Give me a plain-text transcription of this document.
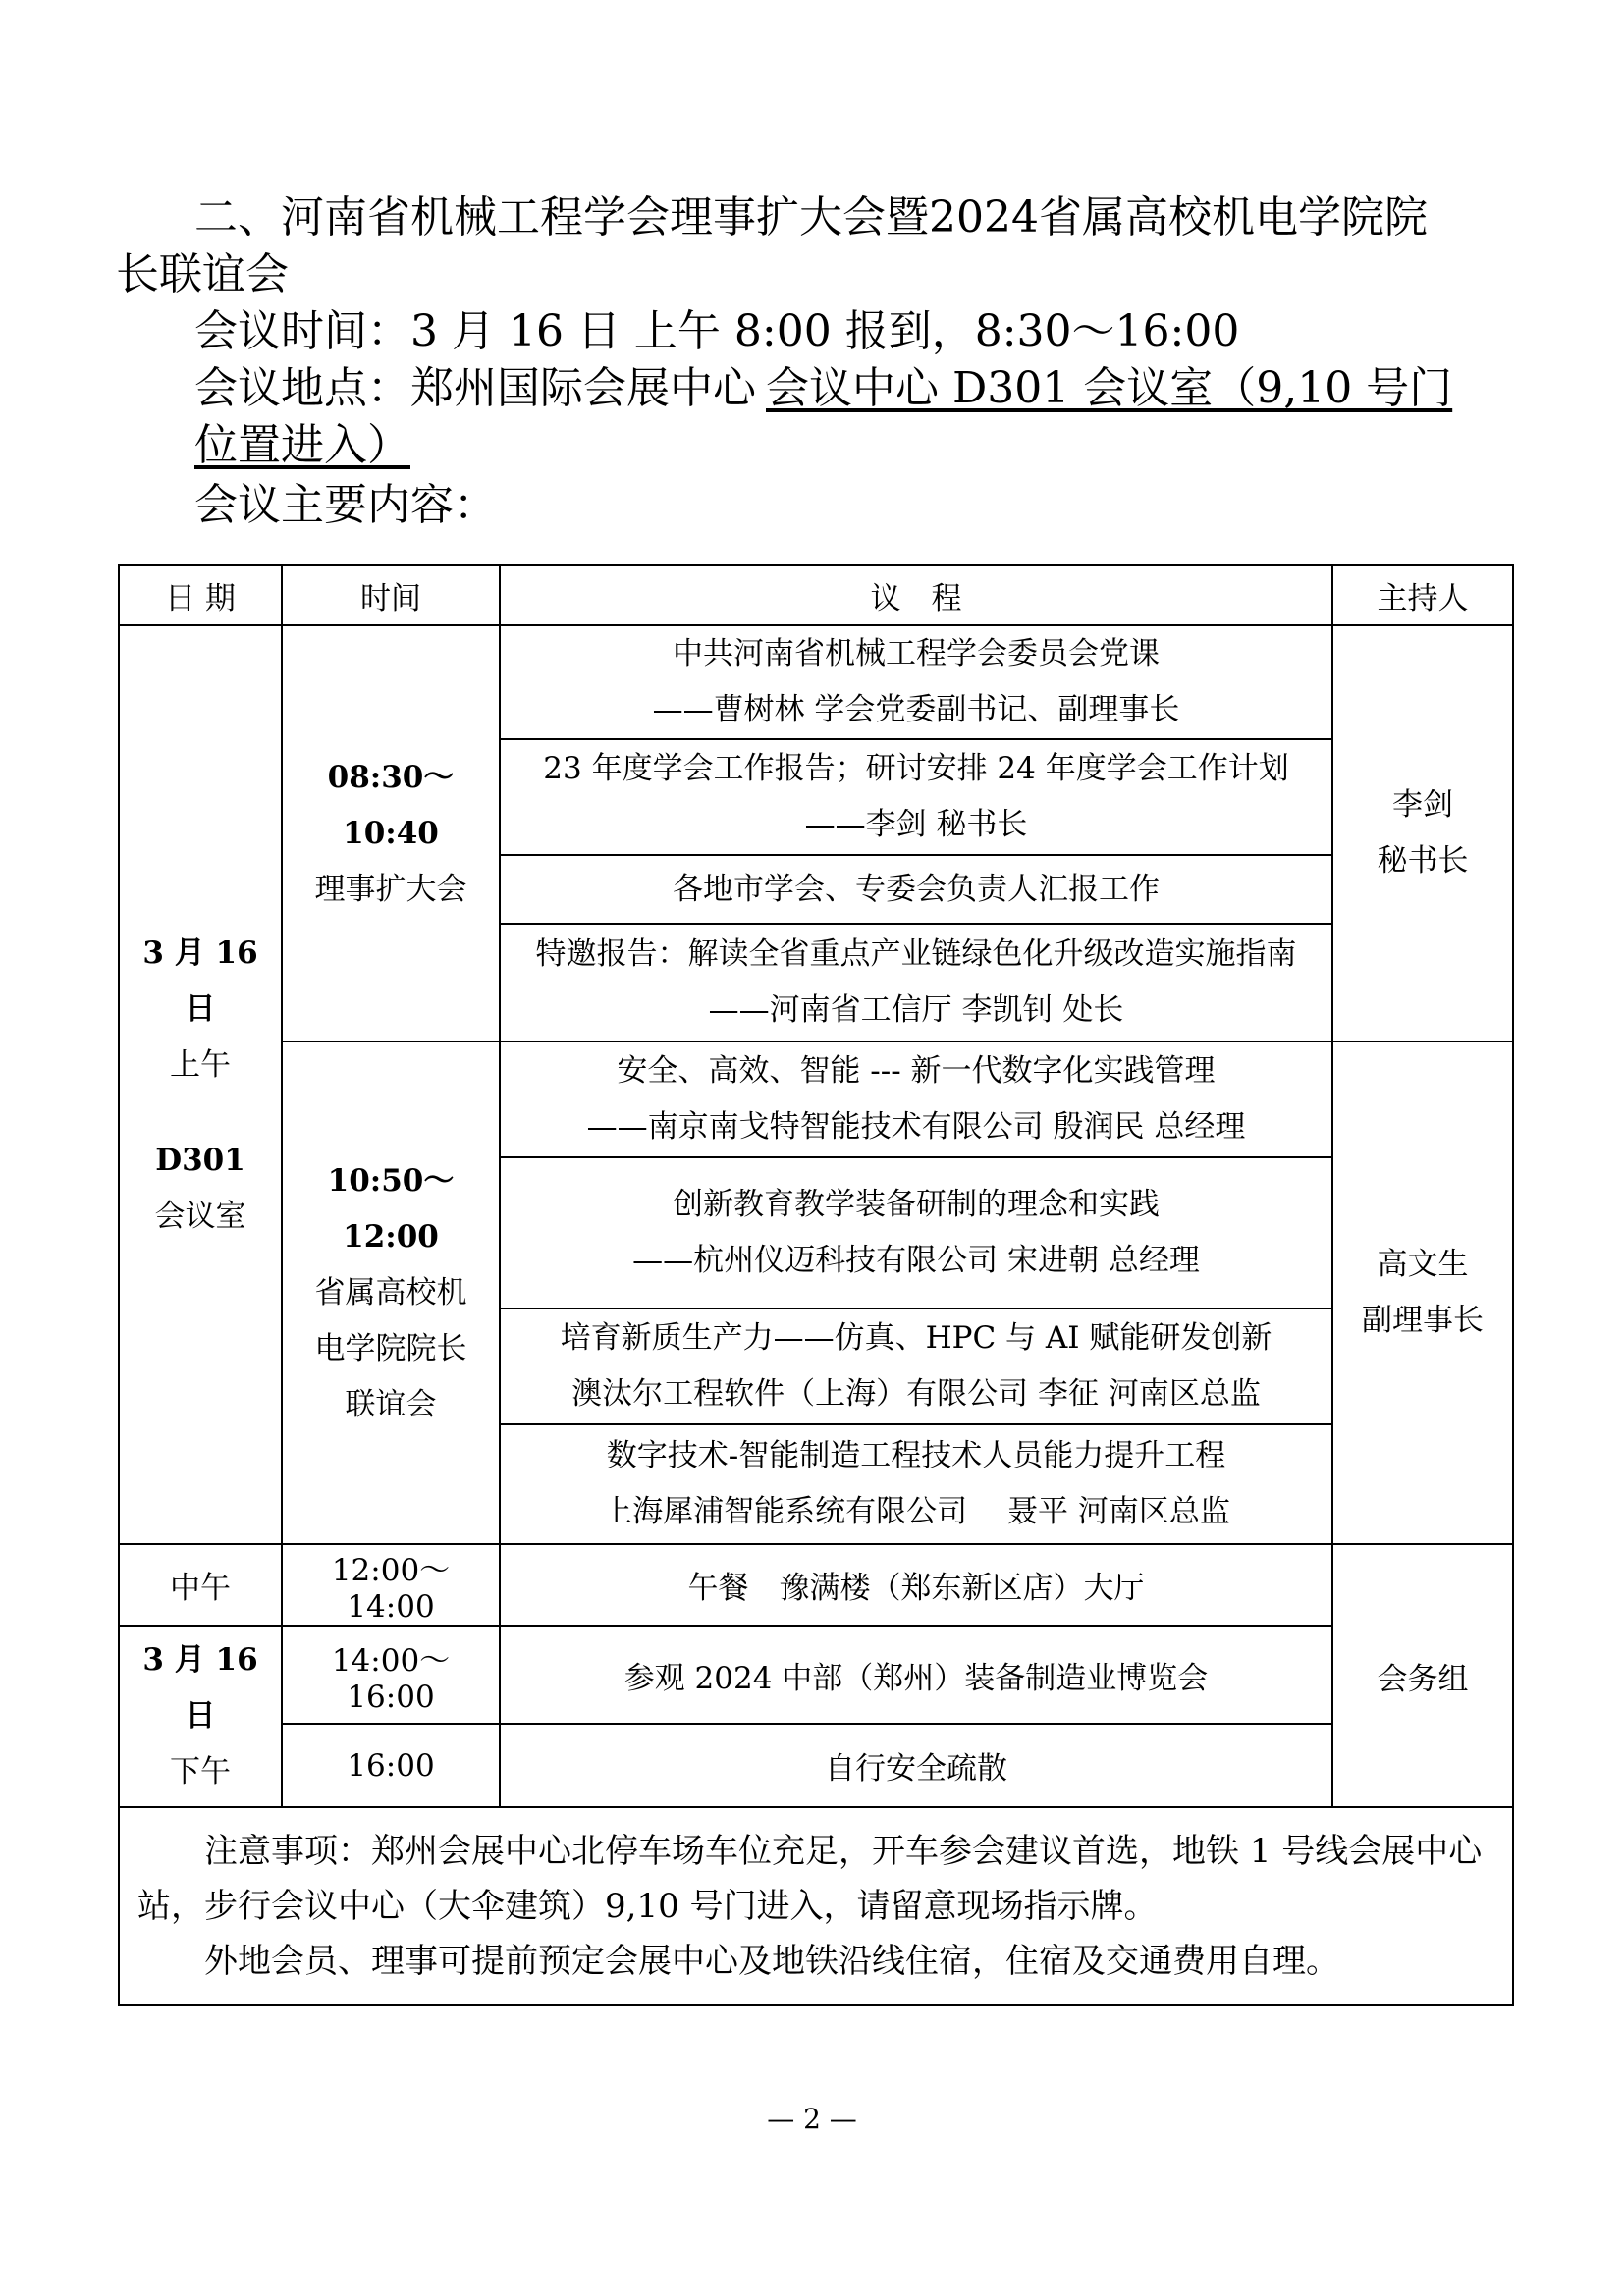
二、河南省机械工程学会理事扩大会暨2024省属高校机电学院院
长联谊会
会议时间：3 月 16 日 上午 8:00 报到，8:30～16:00
会议地点：郑州国际会展中心 会议中心 D301 会议室（9,10 号门
位置进入）
会议主要内容：
日 期	时间	议　程	主持人

3 月 16 日
上午
D301
会议室	08:30～10:40
理事扩大会	中共河南省机械工程学会委员会党课
——曹树林 学会党委副书记、副理事长	李剑
秘书长

		23 年度学会工作报告；研讨安排 24 年度学会工作计划
——李剑 秘书长	

		各地市学会、专委会负责人汇报工作	

		特邀报告：解读全省重点产业链绿色化升级改造实施指南
——河南省工信厅 李凯钊 处长	

	10:50～12:00
省属高校机
电学院院长
联谊会	安全、高效、智能 --- 新一代数字化实践管理
——南京南戈特智能技术有限公司 殷润民 总经理	高文生
副理事长

		创新教育教学装备研制的理念和实践
——杭州仪迈科技有限公司 宋进朝 总经理	

		培育新质生产力——仿真、HPC 与 AI 赋能研发创新
澳汰尔工程软件（上海）有限公司 李征 河南区总监	

		数字技术-智能制造工程技术人员能力提升工程
上海犀浦智能系统有限公司　 聂平 河南区总监	

中午	12:00～14:00	午餐　豫满楼（郑东新区店）大厅	会务组

3 月 16 日
下午	14:00～16:00	参观 2024 中部（郑州）装备制造业博览会	
	16:00	自行安全疏散	

注意事项：郑州会展中心北停车场车位充足，开车参会建议首选，地铁 1 号线会展中心站，步行会议中心（大伞建筑）9,10 号门进入，请留意现场指示牌。

外地会员、理事可提前预定会展中心及地铁沿线住宿，住宿及交通费用自理。			

— 2 —
